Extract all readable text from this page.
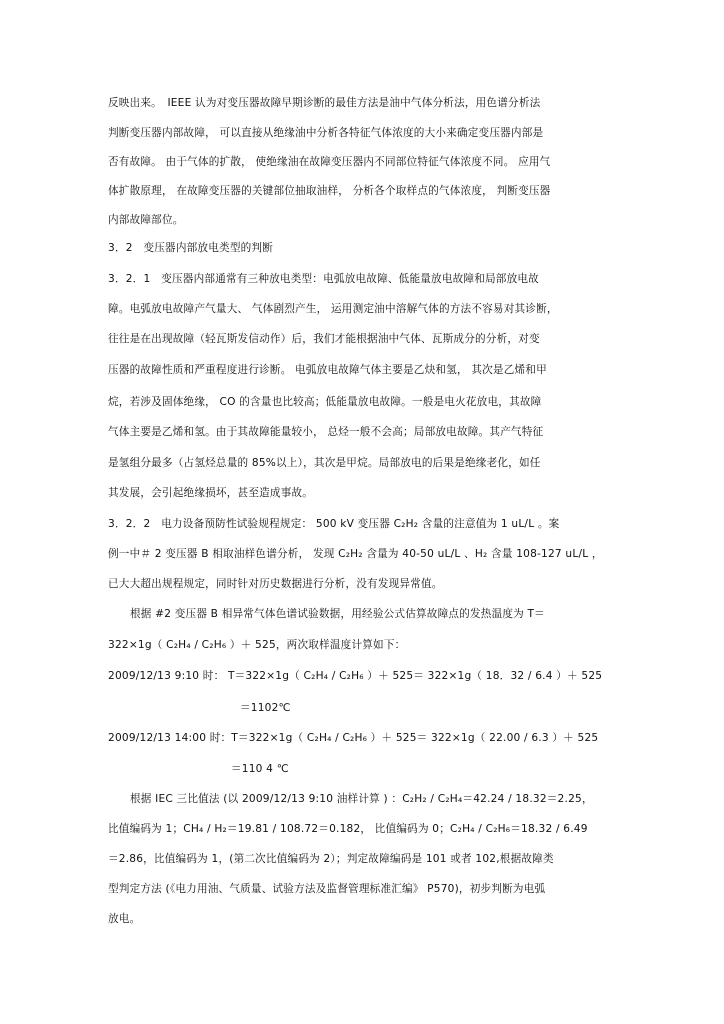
反映出来。　IEEE 认为对变压器故障早期诊断的最佳方法是油中气体分析法，用色谱分析法
判断变压器内部故障， 可以直接从绝缘油中分析各特征气体浓度的大小来确定变压器内部是
否有故障。 由于气体的扩散， 使绝缘油在故障变压器内不同部位特征气体浓度不同。 应用气
体扩散原理， 在故障变压器的关键部位抽取油样， 分析各个取样点的气体浓度， 判断变压器
内部故障部位。
3．2　变压器内部放电类型的判断
3．2．1　变压器内部通常有三种放电类型：电弧放电故障、低能量放电故障和局部放电故
障。电弧放电故障产气量大、 气体剧烈产生， 运用测定油中溶解气体的方法不容易对其诊断，
往往是在出现故障（轻瓦斯发信动作）后，我们才能根据油中气体、瓦斯成分的分析，对变
压器的故障性质和严重程度进行诊断。 电弧放电故障气体主要是乙炔和氢， 其次是乙烯和甲
烷，若涉及固体绝缘， CO 的含量也比较高；低能量放电故障。一般是电火花放电，其故障
气体主要是乙烯和氢。由于其故障能量较小， 总烃一般不会高；局部放电故障。其产气特征
是氢组分最多（占氢烃总量的 85%以上），其次是甲烷。局部放电的后果是绝缘老化，如任
其发展，会引起绝缘损坏，甚至造成事故。
3．2．2　电力设备预防性试验规程规定： 500 kV 变压器 C₂H₂ 含量的注意值为 1 uL/L 。案
例一中＃ 2 变压器 B 相取油样色谱分析， 发现 C₂H₂ 含量为 40-50 uL/L 、H₂ 含量 108-127 uL/L ，
已大大超出规程规定，同时针对历史数据进行分析，没有发现异常值。
根据 #2 变压器 B 相异常气体色谱试验数据，用经验公式估算故障点的发热温度为 T＝
322×1g（ C₂H₄ / C₂H₆ ）＋ 525，两次取样温度计算如下：
2009/12/13 9:10 时： T＝322×1g（ C₂H₄ / C₂H₆ ）＋ 525＝ 322×1g（ 18．32 / 6.4 ）＋ 525
＝1102℃
2009/12/13 14:00 时：T＝322×1g（ C₂H₄ / C₂H₆ ）＋ 525＝ 322×1g（ 22.00 / 6.3 ）＋ 525
＝110 4 ℃
根据 IEC 三比值法 (以 2009/12/13 9:10 油样计算 ) ：C₂H₂ / C₂H₄＝42.24 / 18.32＝2.25，
比值编码为 1；CH₄ / H₂＝19.81 / 108.72＝0.182， 比值编码为 0；C₂H₄ / C₂H₆＝18.32 / 6.49
＝2.86，比值编码为 1，(第二次比值编码为 2）；判定故障编码是 101 或者 102,根据故障类
型判定方法 (《电力用油、气质量、试验方法及监督管理标准汇编》 P570)，初步判断为电弧
放电。
